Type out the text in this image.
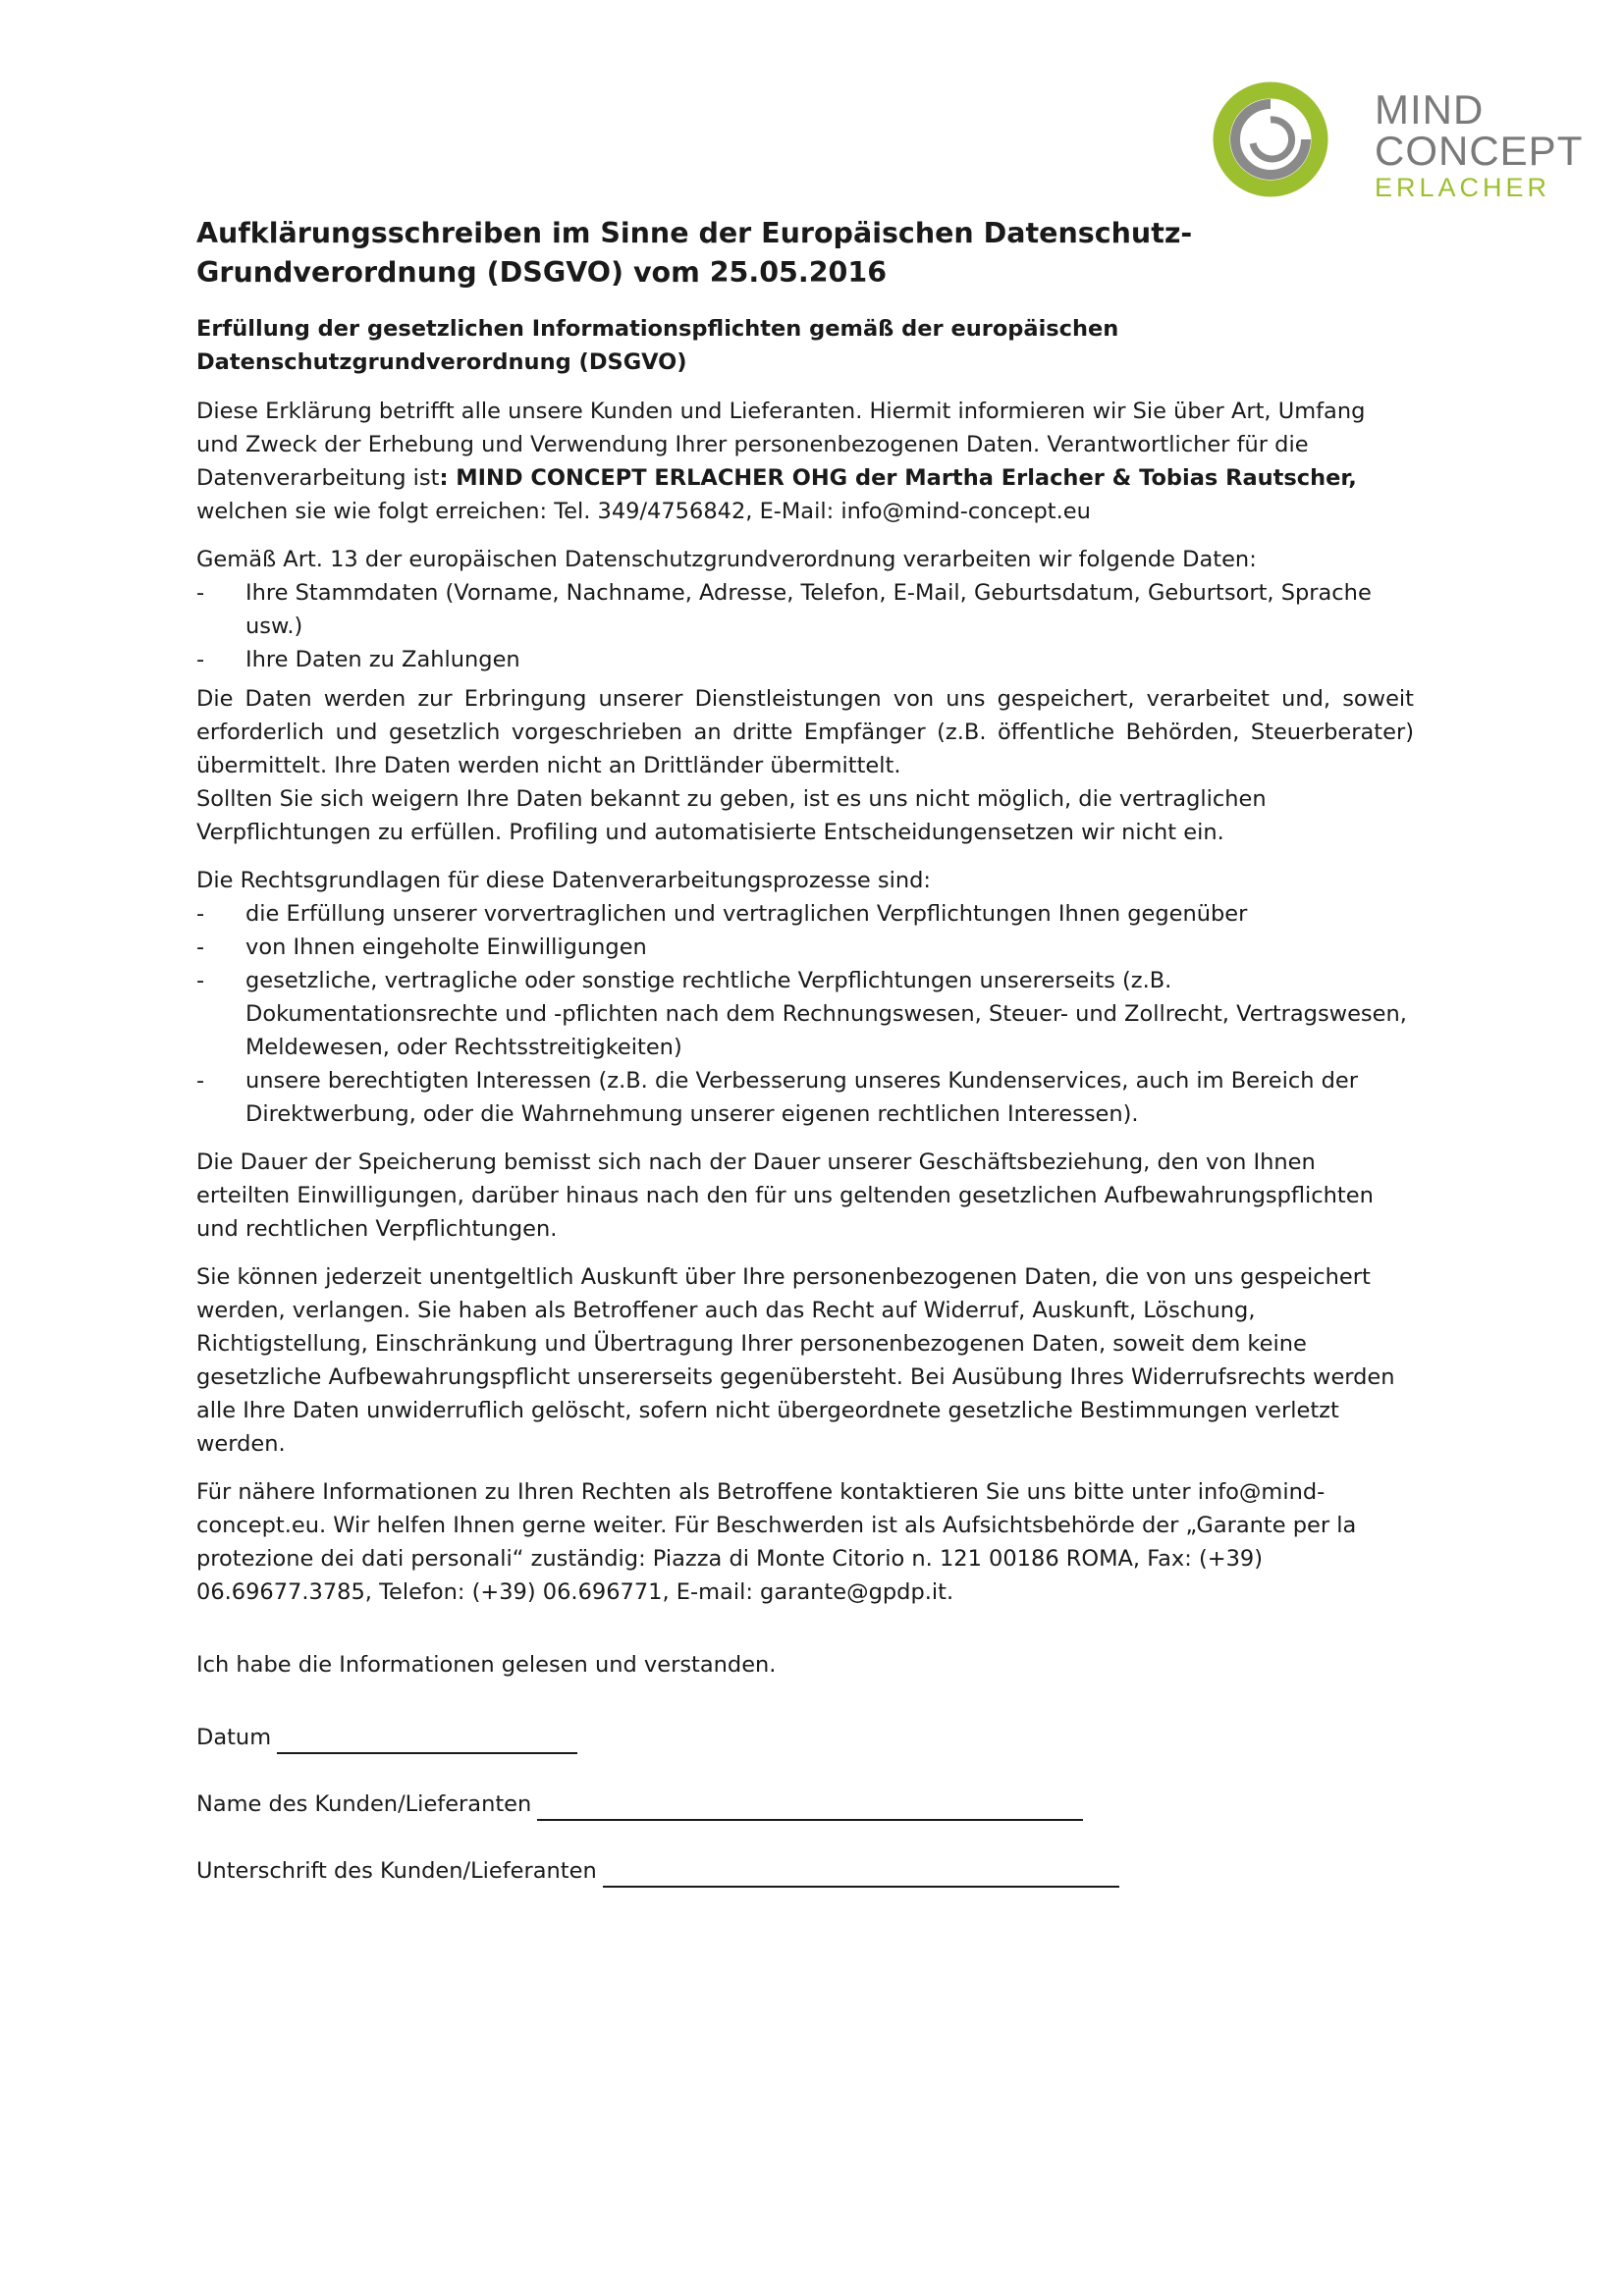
MIND
CONCEPT
ERLACHER
Aufklärungsschreiben im Sinne der Europäischen Datenschutz-Grundverordnung (DSGVO) vom 25.05.2016
Erfüllung der gesetzlichen Informationspflichten gemäß der europäischen Datenschutzgrundverordnung (DSGVO)

Diese Erklärung betrifft alle unsere Kunden und Lieferanten. Hiermit informieren wir Sie über Art, Umfang und Zweck der Erhebung und Verwendung Ihrer personenbezogenen Daten. Verantwortlicher für die Datenverarbeitung ist: MIND CONCEPT ERLACHER OHG der Martha Erlacher & Tobias Rautscher, welchen sie wie folgt erreichen: Tel. 349/4756842, E-Mail: info@mind-concept.eu

Gemäß Art. 13 der europäischen Datenschutzgrundverordnung verarbeiten wir folgende Daten:

- Ihre Stammdaten (Vorname, Nachname, Adresse, Telefon, E-Mail, Geburtsdatum, Geburtsort, Sprache usw.)
- Ihre Daten zu Zahlungen

Die Daten werden zur Erbringung unserer Dienstleistungen von uns gespeichert, verarbeitet und, soweit erforderlich und gesetzlich vorgeschrieben an dritte Empfänger (z.B. öffentliche Behörden, Steuerberater) übermittelt. Ihre Daten werden nicht an Drittländer übermittelt.

Sollten Sie sich weigern Ihre Daten bekannt zu geben, ist es uns nicht möglich, die vertraglichen Verpflichtungen zu erfüllen. Profiling und automatisierte Entscheidungensetzen wir nicht ein.

Die Rechtsgrundlagen für diese Datenverarbeitungsprozesse sind:

- die Erfüllung unserer vorvertraglichen und vertraglichen Verpflichtungen Ihnen gegenüber
- von Ihnen eingeholte Einwilligungen
- gesetzliche, vertragliche oder sonstige rechtliche Verpflichtungen unsererseits (z.B. Dokumentationsrechte und -pflichten nach dem Rechnungswesen, Steuer- und Zollrecht, Vertragswesen, Meldewesen, oder Rechtsstreitigkeiten)
- unsere berechtigten Interessen (z.B. die Verbesserung unseres Kundenservices, auch im Bereich der Direktwerbung, oder die Wahrnehmung unserer eigenen rechtlichen Interessen).

Die Dauer der Speicherung bemisst sich nach der Dauer unserer Geschäftsbeziehung, den von Ihnen erteilten Einwilligungen, darüber hinaus nach den für uns geltenden gesetzlichen Aufbewahrungspflichten und rechtlichen Verpflichtungen.

Sie können jederzeit unentgeltlich Auskunft über Ihre personenbezogenen Daten, die von uns gespeichert werden, verlangen. Sie haben als Betroffener auch das Recht auf Widerruf, Auskunft, Löschung, Richtigstellung, Einschränkung und Übertragung Ihrer personenbezogenen Daten, soweit dem keine gesetzliche Aufbewahrungspflicht unsererseits gegenübersteht. Bei Ausübung Ihres Widerrufsrechts werden alle Ihre Daten unwiderruflich gelöscht, sofern nicht übergeordnete gesetzliche Bestimmungen verletzt werden.

Für nähere Informationen zu Ihren Rechten als Betroffene kontaktieren Sie uns bitte unter info@mind-concept.eu. Wir helfen Ihnen gerne weiter. Für Beschwerden ist als Aufsichtsbehörde der „Garante per la protezione dei dati personali“ zuständig: Piazza di Monte Citorio n. 121 00186 ROMA, Fax: (+39) 06.69677.3785, Telefon: (+39) 06.696771, E-mail: garante@gpdp.it.

Ich habe die Informationen gelesen und verstanden.

Datum
Name des Kunden/Lieferanten
Unterschrift des Kunden/Lieferanten
